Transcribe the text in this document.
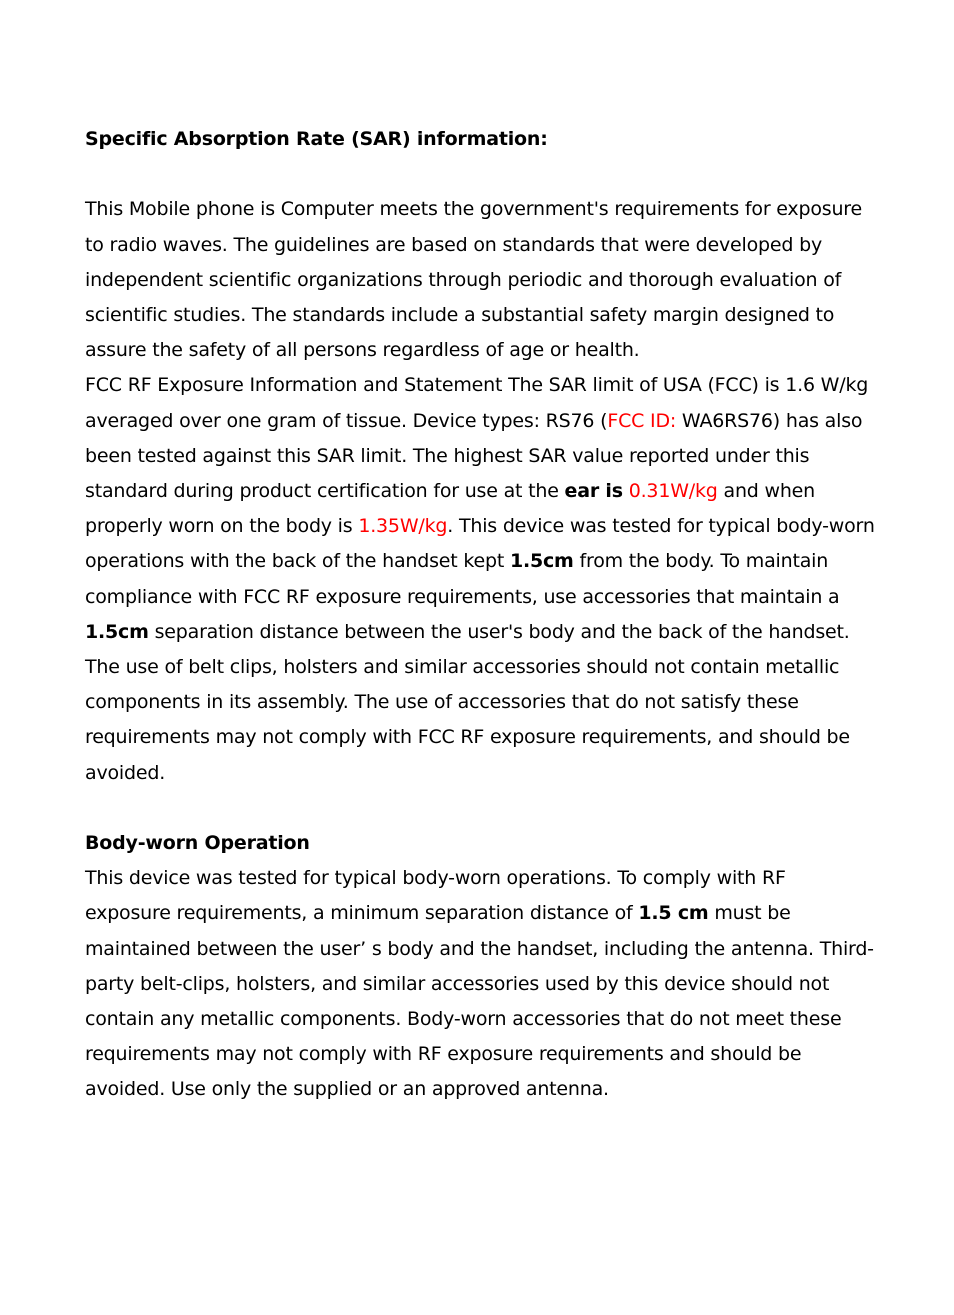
Specific Absorption Rate (SAR) information:

This Mobile phone is Computer meets the government's requirements for exposure to radio waves. The guidelines are based on standards that were developed by independent scientific organizations through periodic and thorough evaluation of scientific studies. The standards include a substantial safety margin designed to assure the safety of all persons regardless of age or health.

FCC RF Exposure Information and Statement The SAR limit of USA (FCC) is 1.6 W/kg averaged over one gram of tissue. Device types: RS76 (FCC ID: WA6RS76) has also been tested against this SAR limit. The highest SAR value reported under this standard during product certification for use at the ear is 0.31W/kg and when properly worn on the body is 1.35W/kg. This device was tested for typical body-worn operations with the back of the handset kept 1.5cm from the body. To maintain compliance with FCC RF exposure requirements, use accessories that maintain a 1.5cm separation distance between the user's body and the back of the handset. The use of belt clips, holsters and similar accessories should not contain metallic components in its assembly. The use of accessories that do not satisfy these requirements may not comply with FCC RF exposure requirements, and should be avoided.

Body-worn Operation

This device was tested for typical body-worn operations. To comply with RF exposure requirements, a minimum separation distance of 1.5 cm must be maintained between the user’ s body and the handset, including the antenna. Third-party belt-clips, holsters, and similar accessories used by this device should not contain any metallic components. Body-worn accessories that do not meet these requirements may not comply with RF exposure requirements and should be avoided. Use only the supplied or an approved antenna.
